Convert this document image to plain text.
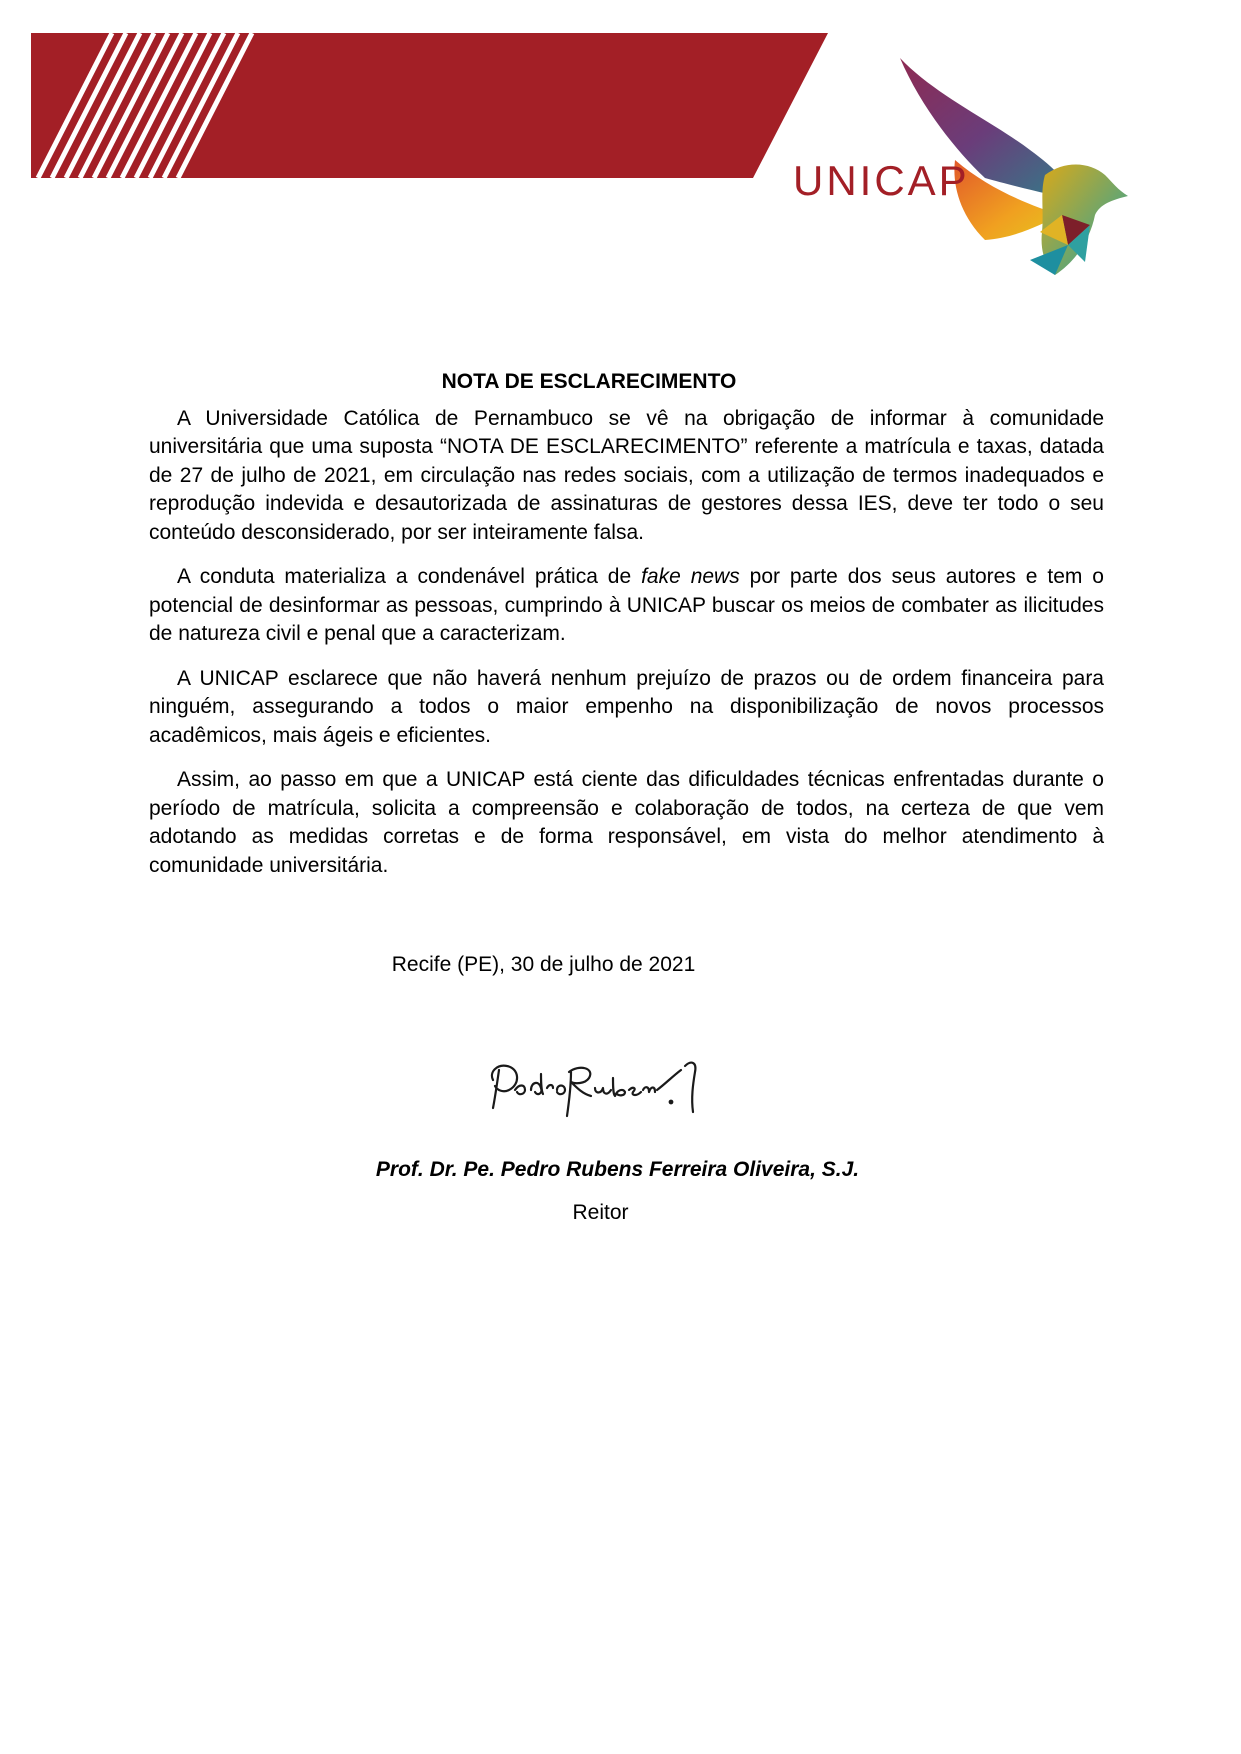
UNICAP
NOTA DE ESCLARECIMENTO

A Universidade Católica de Pernambuco se vê na obrigação de informar à comunidade universitária que uma suposta “NOTA DE ESCLARECIMENTO” referente a matrícula e taxas, datada de 27 de julho de 2021, em circulação nas redes sociais, com a utilização de termos inadequados e reprodução indevida e desautorizada de assinaturas de gestores dessa IES, deve ter todo o seu conteúdo desconsiderado, por ser inteiramente falsa.

A conduta materializa a condenável prática de fake news por parte dos seus autores e tem o potencial de desinformar as pessoas, cumprindo à UNICAP buscar os meios de combater as ilicitudes de natureza civil e penal que a caracterizam.

A UNICAP esclarece que não haverá nenhum prejuízo de prazos ou de ordem financeira para ninguém, assegurando a todos o maior empenho na disponibilização de novos processos acadêmicos, mais ágeis e eficientes.

Assim, ao passo em que a UNICAP está ciente das dificuldades técnicas enfrentadas durante o período de matrícula, solicita a compreensão e colaboração de todos, na certeza de que vem adotando as medidas corretas e de forma responsável, em vista do melhor atendimento à comunidade universitária.

Recife (PE), 30 de julho de 2021
Prof. Dr. Pe. Pedro Rubens Ferreira Oliveira, S.J.
Reitor
